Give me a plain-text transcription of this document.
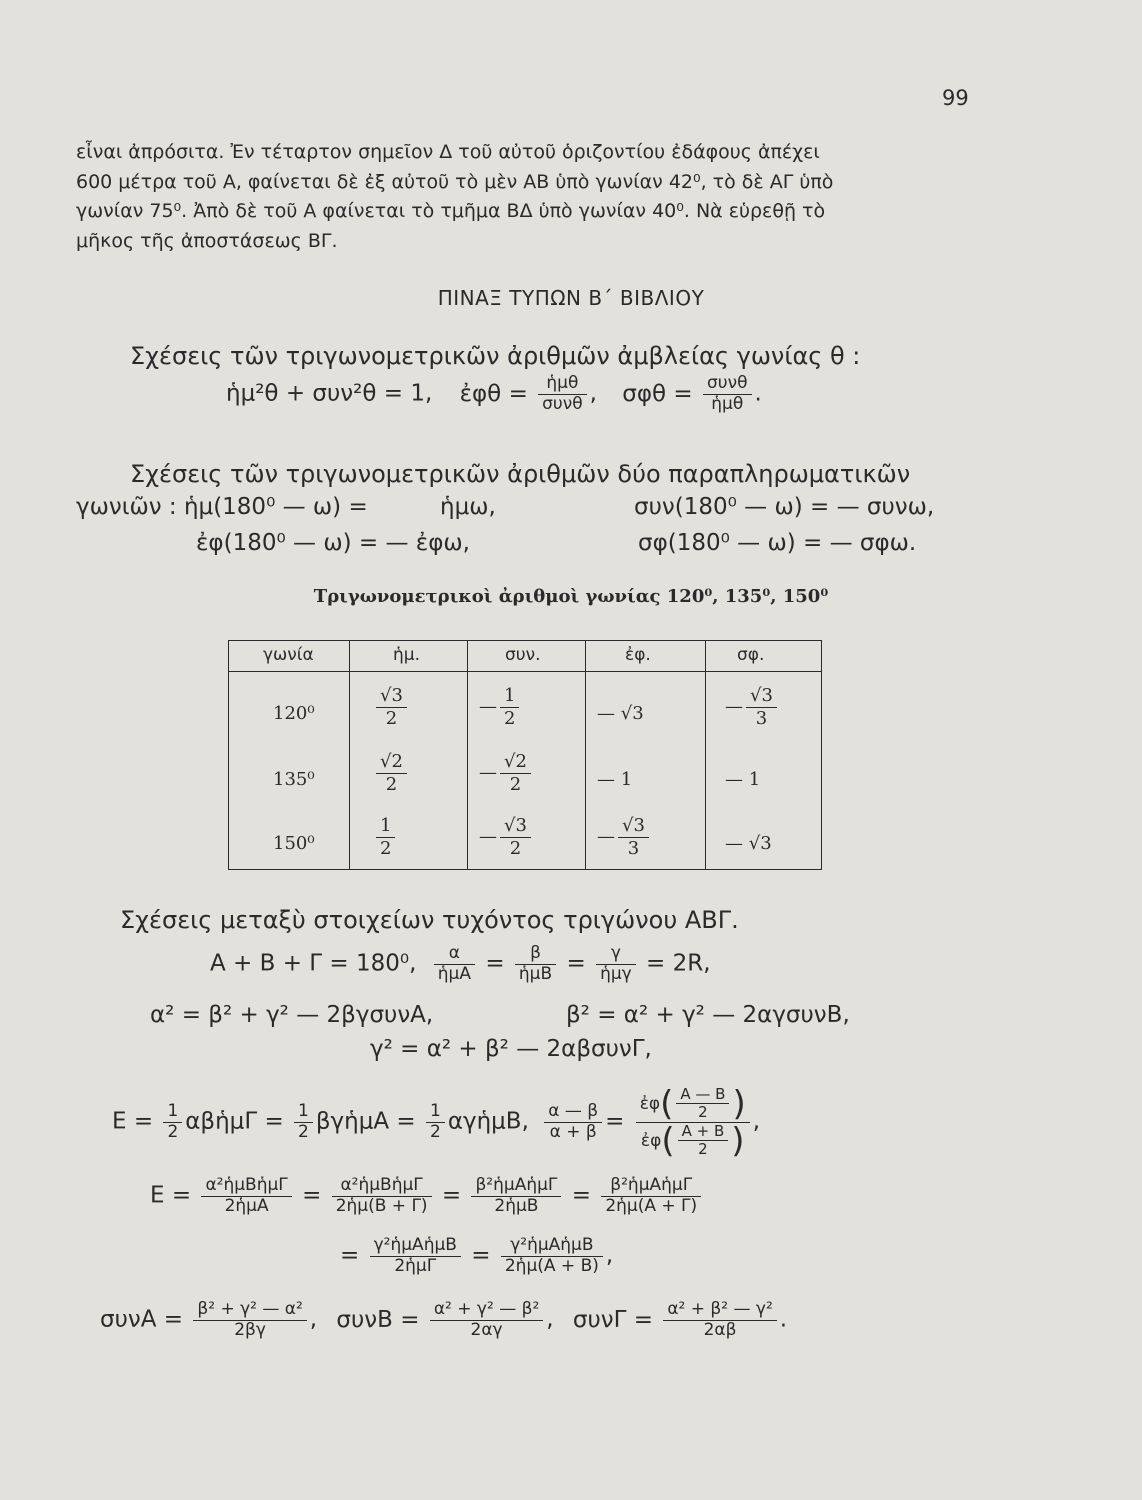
99
εἶναι ἀπρόσιτα. Ἐν τέταρτον σημεῖον Δ τοῦ αὐτοῦ ὁριζοντίου ἐδάφους ἀπέχει
600 μέτρα τοῦ Α, φαίνεται δὲ ἐξ αὐτοῦ τὸ μὲν ΑΒ ὑπὸ γωνίαν 42⁰, τὸ δὲ ΑΓ ὑπὸ
γωνίαν 75⁰. Ἀπὸ δὲ τοῦ Α φαίνεται τὸ τμῆμα ΒΔ ὑπὸ γωνίαν 40⁰. Νὰ εὑρεθῇ τὸ
μῆκος τῆς ἀποστάσεως ΒΓ.
ΠΙΝΑΞ ΤΥΠΩΝ Β΄ ΒΙΒΛΙΟΥ
Σχέσεις τῶν τριγωνομετρικῶν ἀριθμῶν ἀμβλείας γωνίας θ :
ἡμ²θ + συν²θ = 1, ἐφθ =	ἡμθ
συνθ , σφθ = συνθ
ἡμθ .
Σχέσεις τῶν τριγωνομετρικῶν ἀριθμῶν δύο παραπληρωματικῶν
γωνιῶν : ἡμ(180⁰ — ω) =	ἡμω,	συν(180⁰ — ω) = — συνω,
ἐφ(180⁰ — ω) = — ἐφω,	σφ(180⁰ — ω) = — σφω.
Τριγωνομετρικοὶ ἀριθμοὶ γωνίας 120⁰, 135⁰, 150⁰
γωνία	ἡμ.	συν.	ἐφ.	σφ.
120⁰	$\frac{√3}{2}$	— $\frac{1}{2}$	— √3	— $\frac{√3}{3}$
135⁰	$\frac{√2}{2}$	— $\frac{√2}{2}$	— 1	— 1
150⁰	$\frac{1}{2}$	— $\frac{√3}{2}$	— $\frac{√3}{3}$	— √3
Σχέσεις μεταξὺ στοιχείων τυχόντος τριγώνου ΑΒΓ.
Α + Β + Γ = 180⁰,	α
ἡμΑ =	β
ἡμΒ =	γ
ἡμγ = 2R,
α² = β² + γ² — 2βγσυνΑ,	β² = α² + γ² — 2αγσυνΒ,
γ² = α² + β² — 2αβσυνΓ,
$E = \frac{1}{2}$ αβἡμΓ = $\frac{1}{2}$ βγἡμΑ = $\frac{1}{2}$ αγἡμΒ, $\frac{\alpha — \beta}{\alpha + \beta} = \frac{ἐ\varphi( \frac{A — B}{2} )}{ἐ\varphi( \frac{A + B}{2} )}$ ,
Ε = α²ἡμΒἡμΓ
2ἡμΑ	=	α²ἡμΒἡμΓ
2ἡμ(Β + Γ) = β²ἡμΑἡμΓ
2ἡμΒ	=	β²ἡμΑἡμΓ
2ἡμ(Α + Γ)
= γ²ἡμΑἡμΒ
2ἡμΓ	=	γ²ἡμΑἡμΒ
2ἡμ(Α + Β) ,
$\sigma\upsilon\nu A = \frac{\text{β² + γ² — α²}}{2\beta\gamma}$ , $\sigma\upsilon\nu B = \frac{\text{α² + γ² — β²}}{2\alpha\gamma}$ , $\sigma\upsilon\nu\Gamma = \frac{\text{α² + β² — γ²}}{2\alpha\beta}$ .
